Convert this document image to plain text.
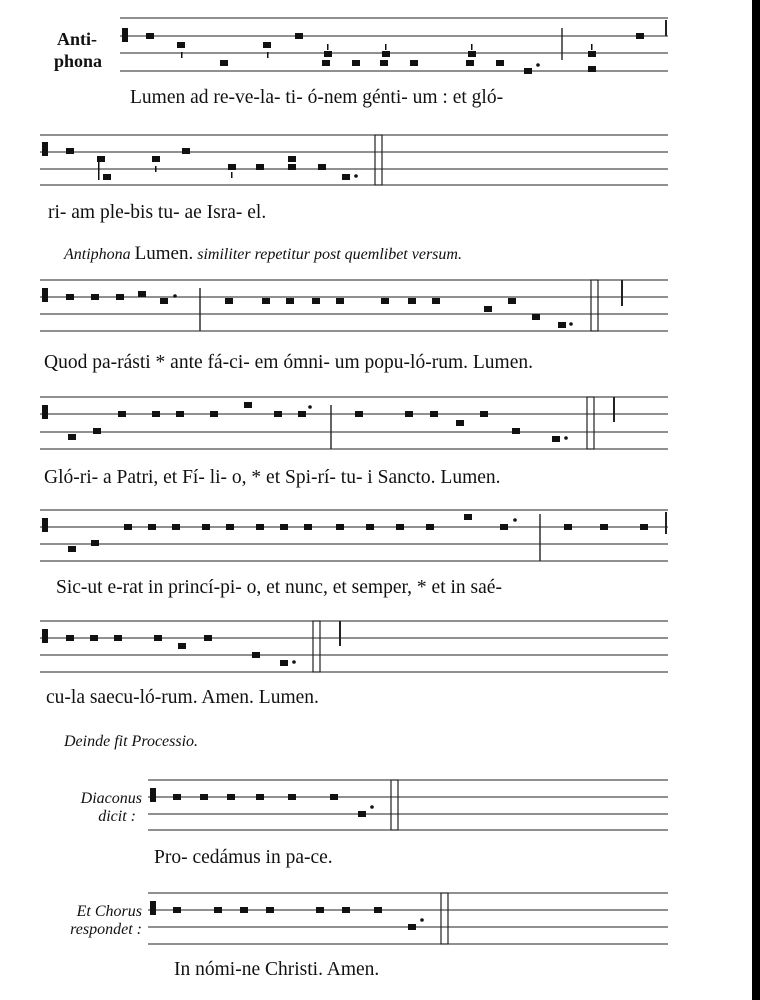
Anti-
phona
Lumen ad re-ve-la- ti- ó-nem génti- um : et gló-
ri- am ple-bis tu- ae Isra- el.
Antiphona Lumen. similiter repetitur post quemlibet versum.
Quod pa-rásti * ante fá-ci- em ómni- um popu-ló-rum. Lumen.
Gló-ri- a Patri, et Fí- li- o, * et Spi-rí- tu- i Sancto. Lumen.
Sic-ut e-rat in princí-pi- o, et nunc, et semper, * et in saé-
cu-la saecu-ló-rum. Amen. Lumen.
Deinde fit Processio.
Diaconus
dicit :
Pro- cedámus in pa-ce.
Et Chorus
respondet :
In nómi-ne Christi. Amen.
